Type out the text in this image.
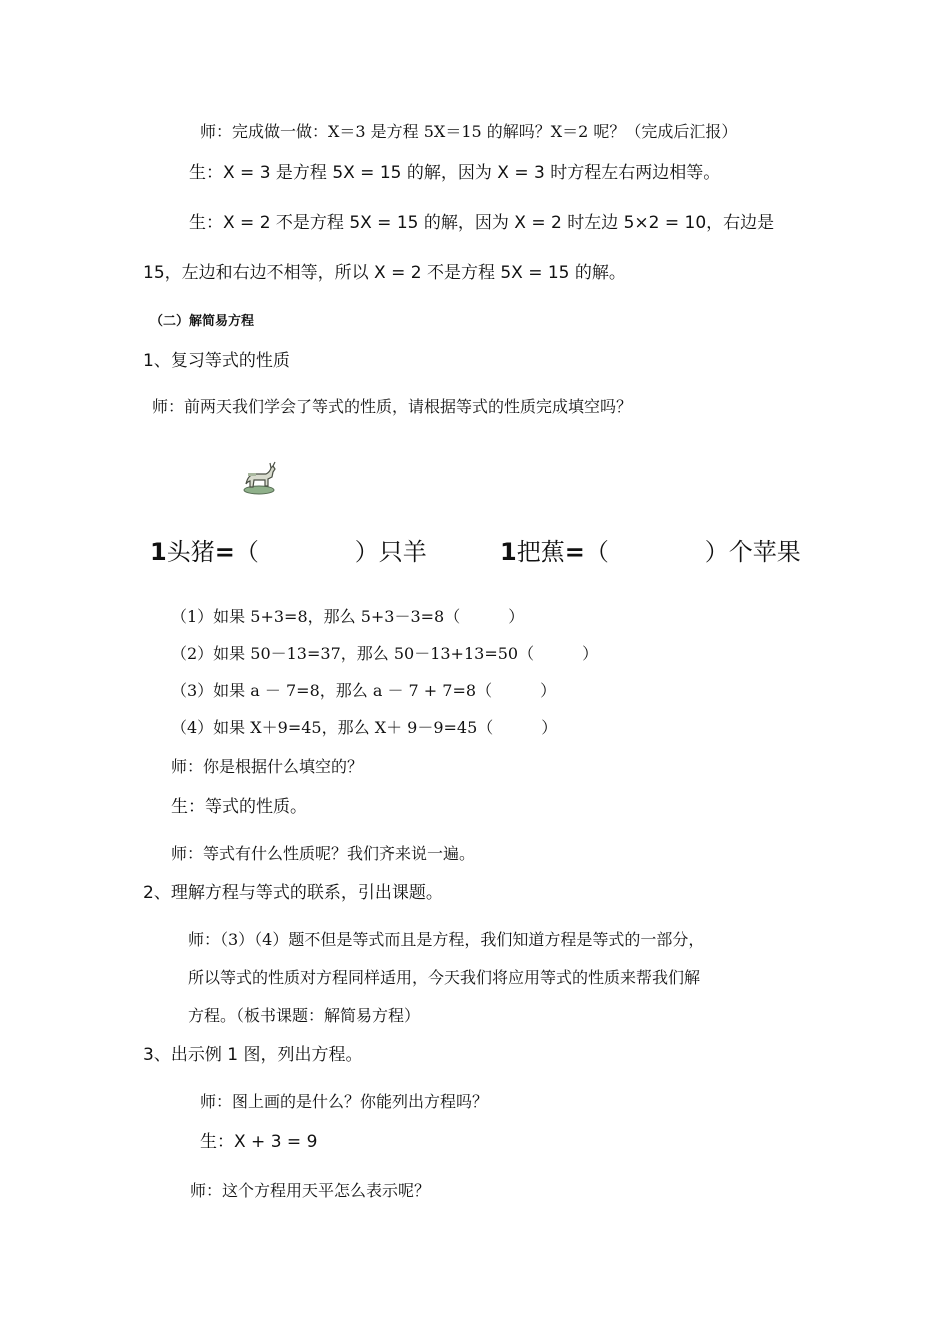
师：完成做一做：X＝3 是方程 5X＝15 的解吗？X＝2 呢？（完成后汇报）
生：X = 3 是方程 5X = 15 的解，因为 X = 3 时方程左右两边相等。
生：X = 2 不是方程 5X = 15 的解，因为 X = 2 时左边 5×2 = 10，右边是
15，左边和右边不相等，所以 X = 2 不是方程 5X = 15 的解。
（二）解简易方程
1、复习等式的性质
师：前两天我们学会了等式的性质，请根据等式的性质完成填空吗？
1头猪=（　　　　）只羊	1把蕉=（　　　　）个苹果
（1）如果 5+3=8，那么 5+3－3=8（　　　）
（2）如果 50－13=37，那么 50－13+13=50（　　　）
（3）如果 a － 7=8，那么 a － 7 + 7=8（　　　）
（4）如果 X＋9=45，那么 X＋ 9－9=45（　　　）
师：你是根据什么填空的？
生：等式的性质。
师：等式有什么性质呢？我们齐来说一遍。
2、理解方程与等式的联系，引出课题。
师：（3）（4）题不但是等式而且是方程，我们知道方程是等式的一部分，
所以等式的性质对方程同样适用，今天我们将应用等式的性质来帮我们解
方程。（板书课题：解简易方程）
3、出示例 1 图，列出方程。
师：图上画的是什么？你能列出方程吗？
生：X + 3 = 9
师：这个方程用天平怎么表示呢？
